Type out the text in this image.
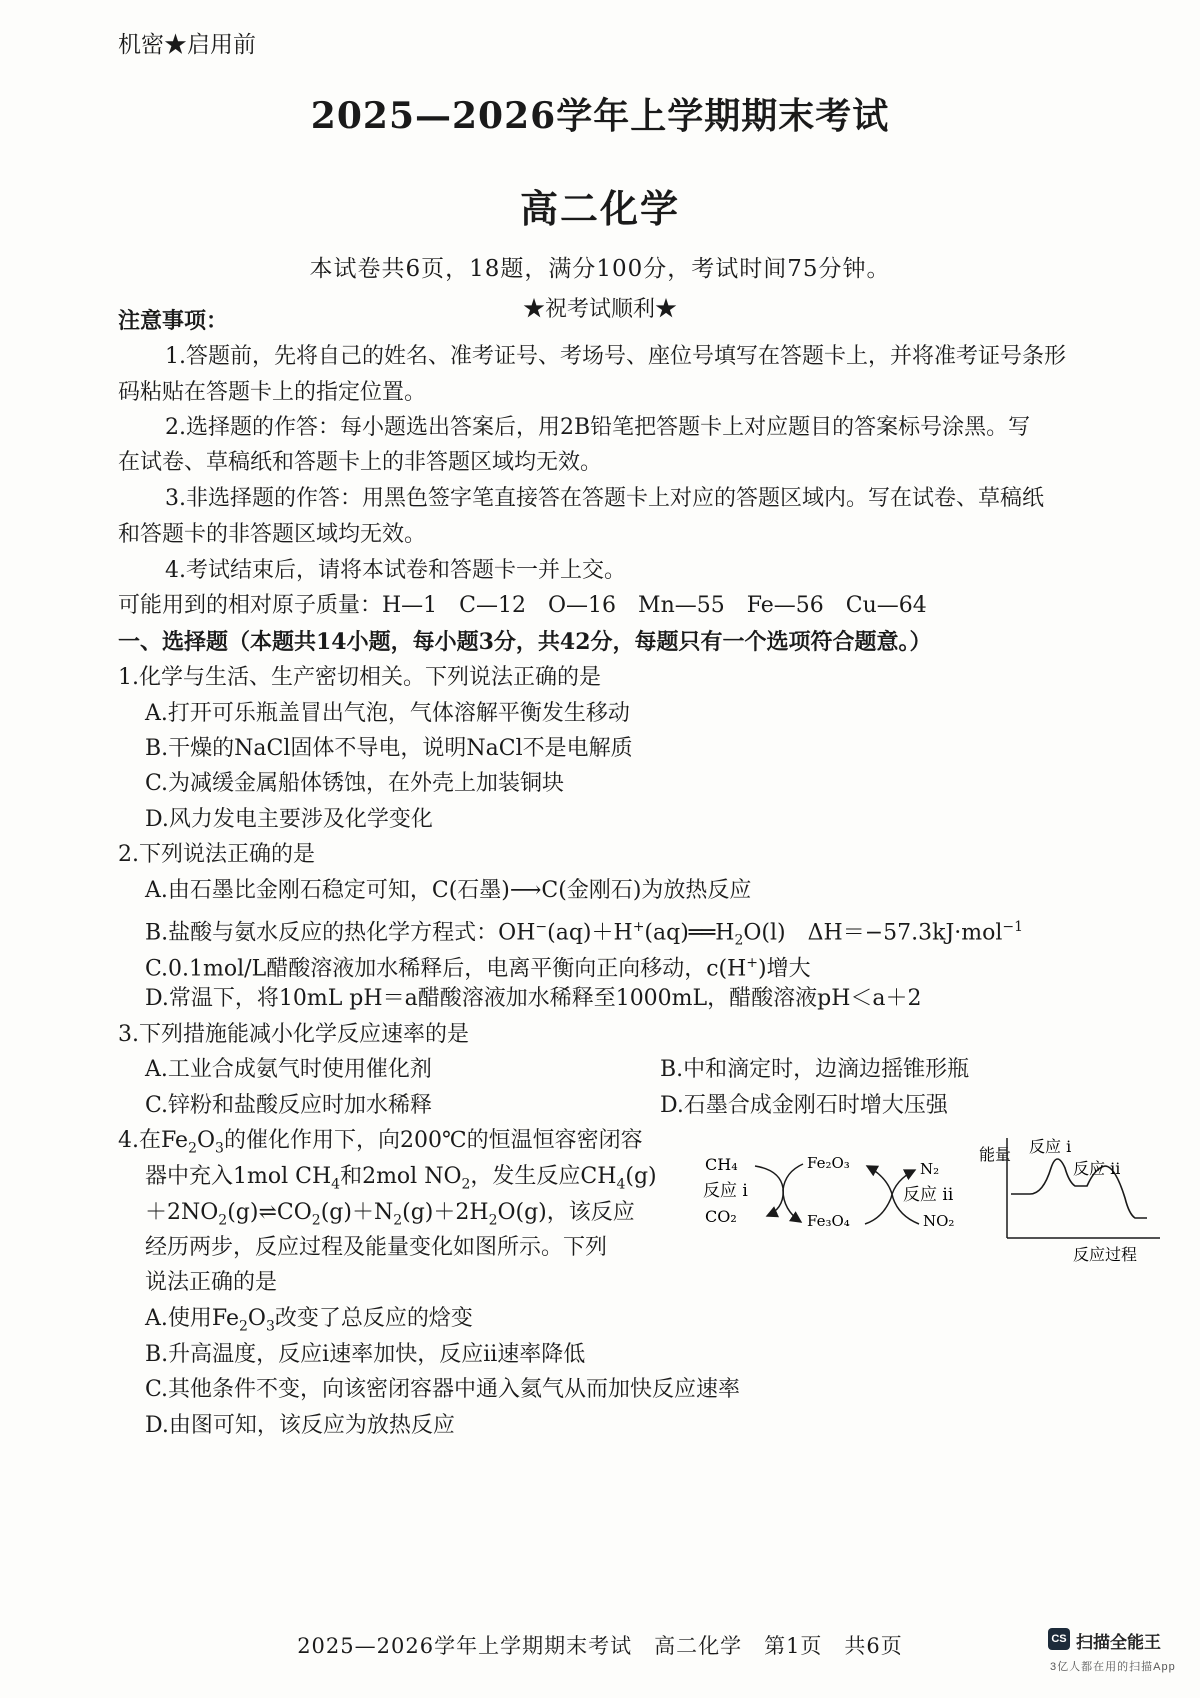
机密★启用前
2025—2026学年上学期期末考试
高二化学
本试卷共6页，18题，满分100分，考试时间75分钟。
★祝考试顺利★
注意事项：
1.答题前，先将自己的姓名、准考证号、考场号、座位号填写在答题卡上，并将准考证号条形
码粘贴在答题卡上的指定位置。
2.选择题的作答：每小题选出答案后，用2B铅笔把答题卡上对应题目的答案标号涂黑。写
在试卷、草稿纸和答题卡上的非答题区域均无效。
3.非选择题的作答：用黑色签字笔直接答在答题卡上对应的答题区域内。写在试卷、草稿纸
和答题卡的非答题区域均无效。
4.考试结束后，请将本试卷和答题卡一并上交。
可能用到的相对原子质量：H—1　C—12　O—16　Mn—55　Fe—56　Cu—64
一、选择题（本题共14小题，每小题3分，共42分，每题只有一个选项符合题意。）
1.化学与生活、生产密切相关。下列说法正确的是
A.打开可乐瓶盖冒出气泡，气体溶解平衡发生移动
B.干燥的NaCl固体不导电，说明NaCl不是电解质
C.为减缓金属船体锈蚀，在外壳上加装铜块
D.风力发电主要涉及化学变化
2.下列说法正确的是
A.由石墨比金刚石稳定可知，C(石墨)⟶C(金刚石)为放热反应
B.盐酸与氨水反应的热化学方程式：$OH^-(aq)+H^+(aq)══H_2O(l)$　ΔH＝−57.3kJ·mol$^{-1}$
C.0.1mol/L醋酸溶液加水稀释后，电离平衡向正向移动，c(H+)增大
D.常温下，将10mL pH＝a醋酸溶液加水稀释至1000mL，醋酸溶液pH＜a＋2
3.下列措施能减小化学反应速率的是
A.工业合成氨气时使用催化剂	B.中和滴定时，边滴边摇锥形瓶
C.锌粉和盐酸反应时加水稀释	D.石墨合成金刚石时增大压强
4.在$Fe_2O_3$的催化作用下，向200℃的恒温恒容密闭容
器中充入1mol $CH_4$和2mol $NO_2$，发生反应$CH_4(g)$
$+2NO_2(g)\rightleftharpoons CO_2(g)+N_2(g)+2H_2O(g)$，该反应
经历两步，反应过程及能量变化如图所示。下列
说法正确的是
A.使用$Fe_2O_3$改变了总反应的焓变
B.升高温度，反应ⅰ速率加快，反应ⅱ速率降低
C.其他条件不变，向该密闭容器中通入氦气从而加快反应速率
D.由图可知，该反应为放热反应
CH₄
CO₂
反应 i
Fe₂O₃
Fe₃O₄
N₂
NO₂
反应 ii
能量 反应 i
反应 ii
反应过程
2025—2026学年上学期期末考试　高二化学　第1页　共6页	CS 扫描全能王
3亿人都在用的扫描App
